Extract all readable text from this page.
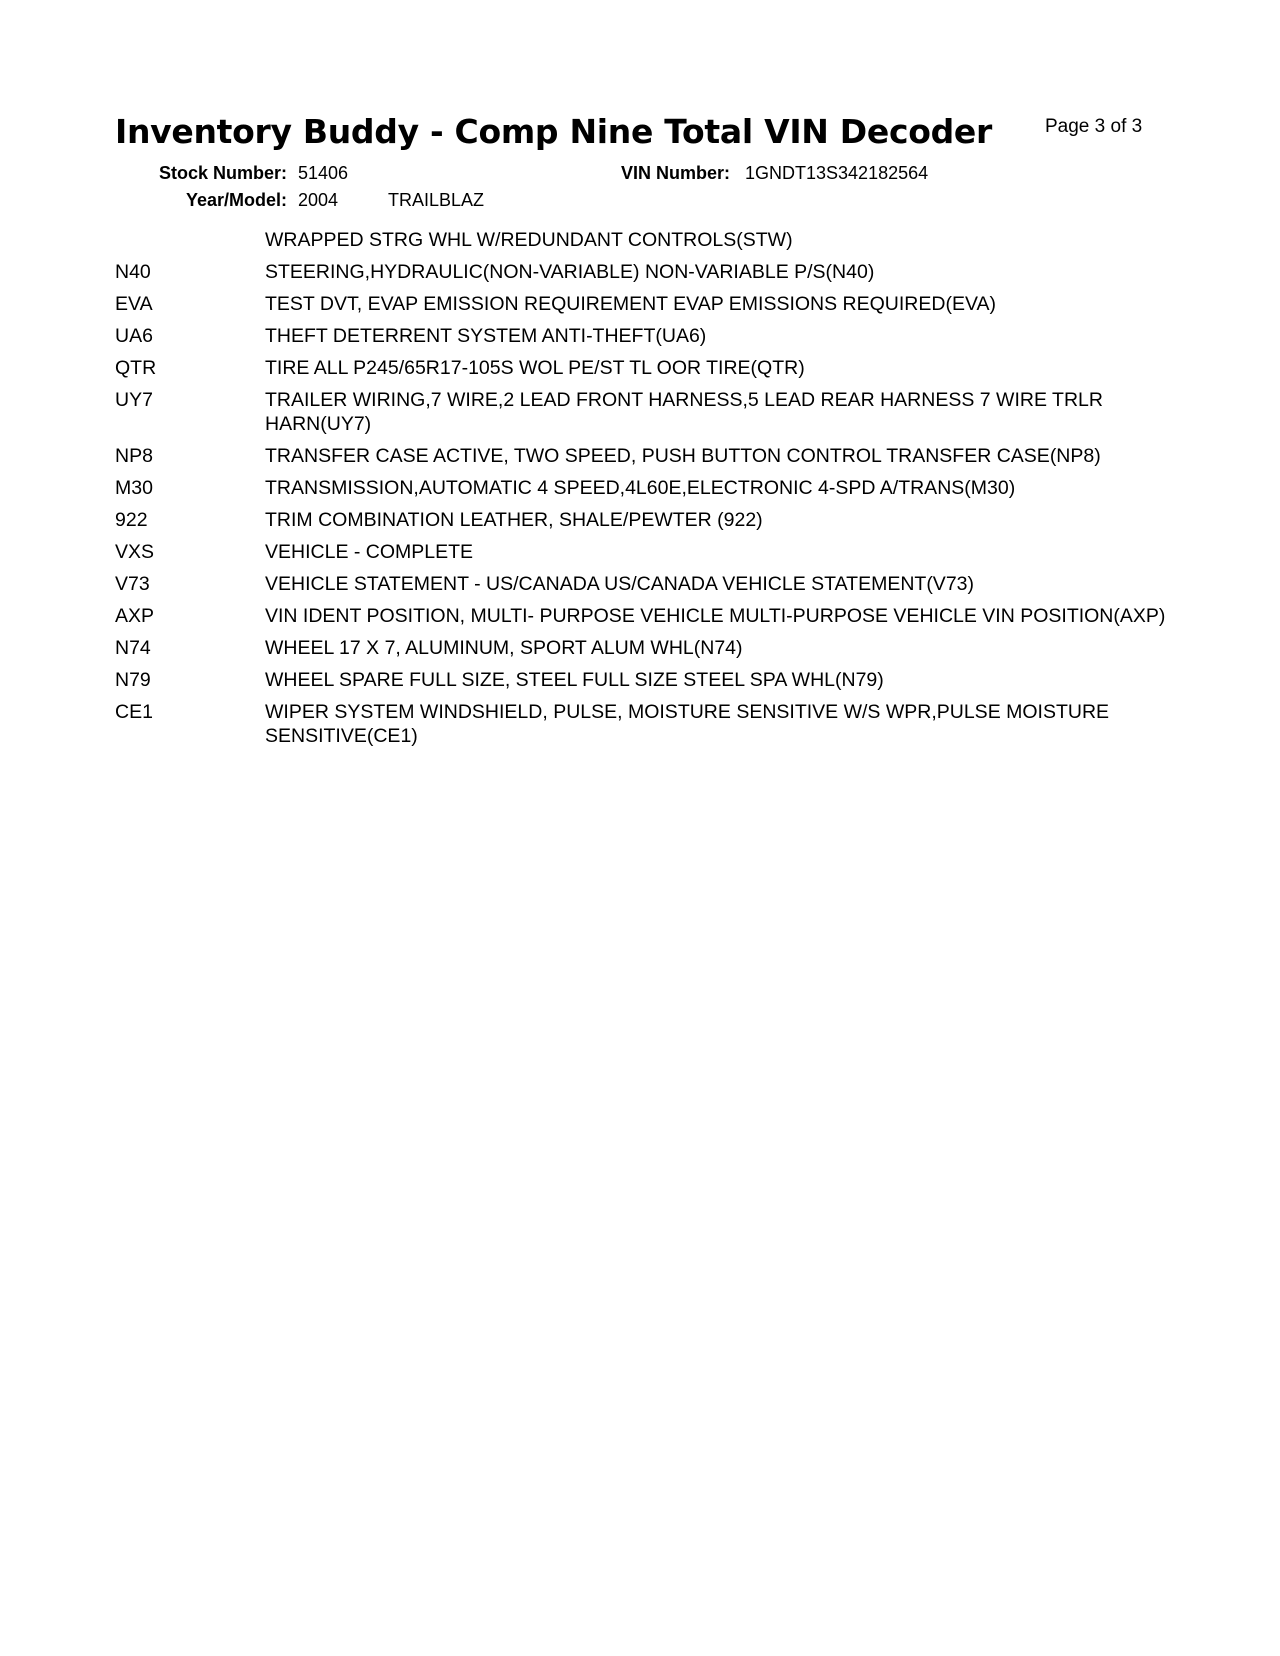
Inventory Buddy - Comp Nine Total VIN Decoder	Page 3 of 3
Stock Number: 51406	VIN Number: 1GNDT13S342182564
Year/Model: 2004	TRAILBLAZ
WRAPPED STRG WHL W/REDUNDANT CONTROLS(STW)
N40	STEERING,HYDRAULIC(NON-VARIABLE) NON-VARIABLE P/S(N40)
EVA	TEST DVT, EVAP EMISSION REQUIREMENT EVAP EMISSIONS REQUIRED(EVA)
UA6	THEFT DETERRENT SYSTEM ANTI-THEFT(UA6)
QTR	TIRE ALL P245/65R17-105S WOL PE/ST TL OOR TIRE(QTR)
UY7	TRAILER WIRING,7 WIRE,2 LEAD FRONT HARNESS,5 LEAD REAR HARNESS 7 WIRE TRLR HARN(UY7)
NP8	TRANSFER CASE ACTIVE, TWO SPEED, PUSH BUTTON CONTROL TRANSFER CASE(NP8)
M30	TRANSMISSION,AUTOMATIC 4 SPEED,4L60E,ELECTRONIC 4-SPD A/TRANS(M30)
922	TRIM COMBINATION LEATHER, SHALE/PEWTER (922)
VXS	VEHICLE - COMPLETE
V73	VEHICLE STATEMENT - US/CANADA US/CANADA VEHICLE STATEMENT(V73)
AXP	VIN IDENT POSITION, MULTI- PURPOSE VEHICLE MULTI-PURPOSE VEHICLE VIN POSITION(AXP)
N74	WHEEL 17 X 7, ALUMINUM, SPORT ALUM WHL(N74)
N79	WHEEL SPARE FULL SIZE, STEEL FULL SIZE STEEL SPA WHL(N79)
CE1	WIPER SYSTEM WINDSHIELD, PULSE, MOISTURE SENSITIVE W/S WPR,PULSE MOISTURE SENSITIVE(CE1)
